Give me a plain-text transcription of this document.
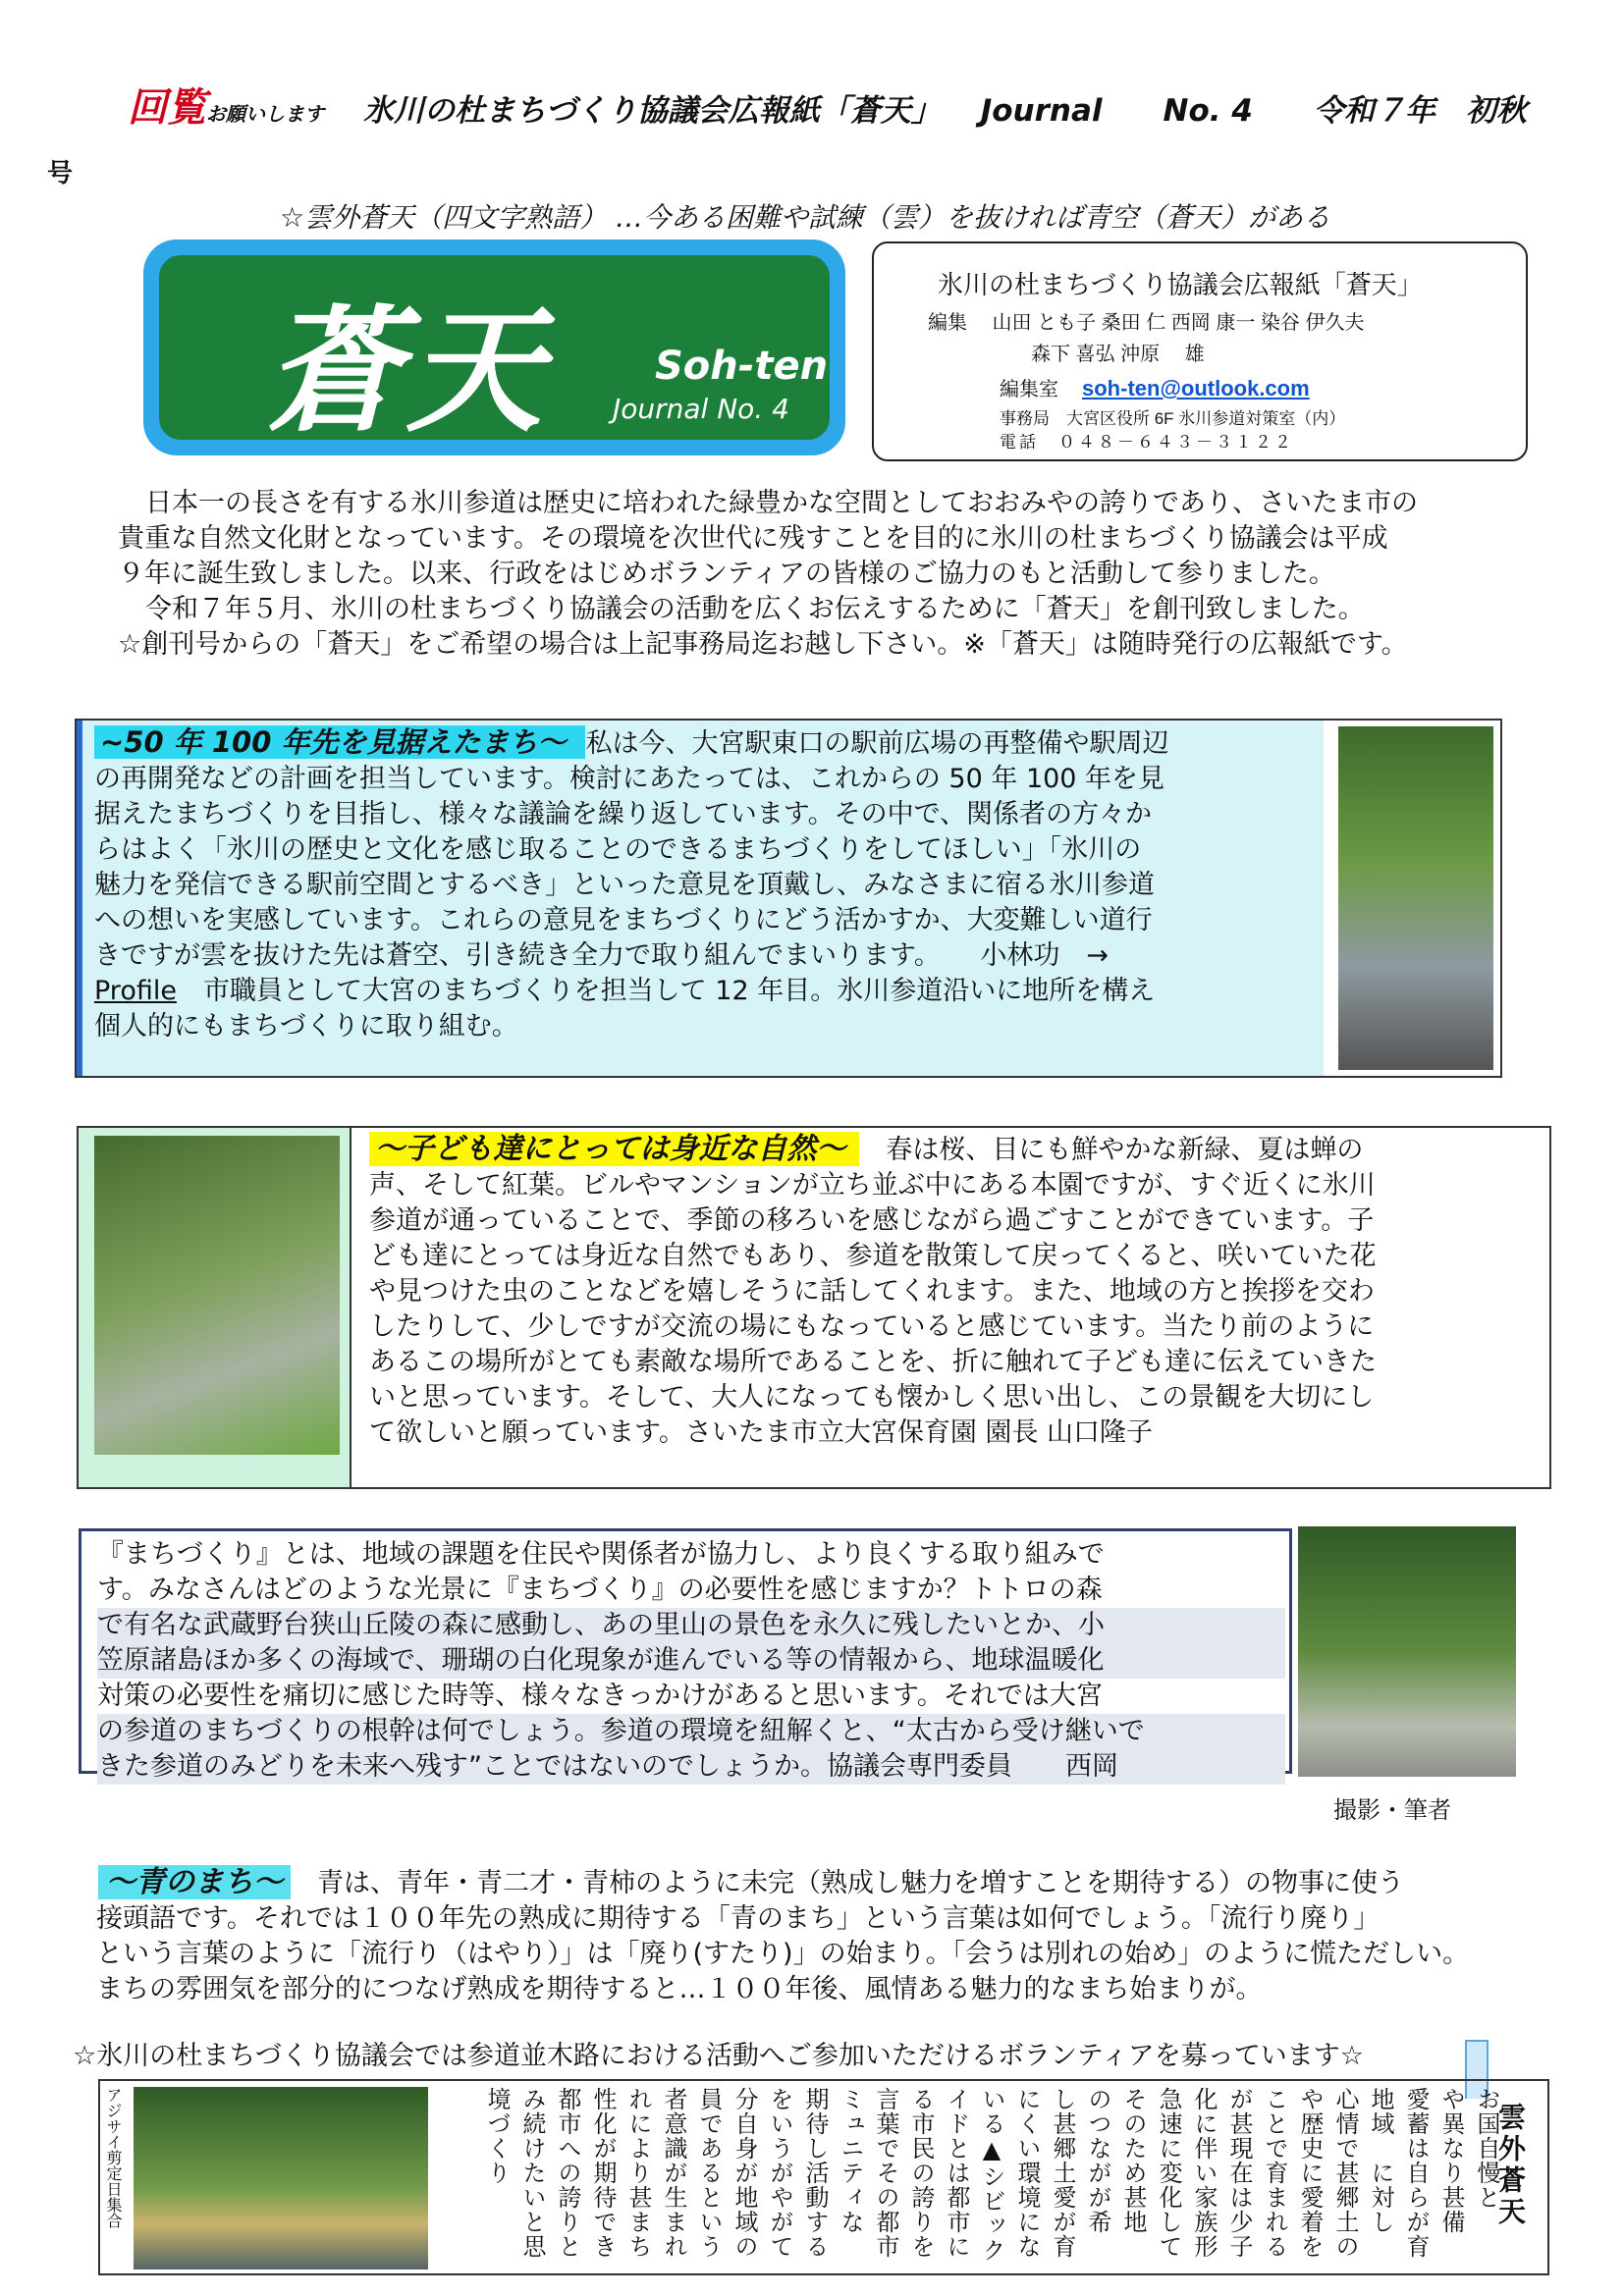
回覧お願いします 氷川の杜まちづくり協議会広報紙「蒼天」 Journal　　 No. 4　　 令和７年　 初秋
号
☆雲外蒼天（四文字熟語） …今ある困難や試練（雲）を抜ければ青空（蒼天）がある
蒼天	Soh-ten
Journal No. 4
氷川の杜まちづくり協議会広報紙「蒼天」
編集　 山田 とも子 桑田 仁 西岡 康一 染谷 伊久夫
森下 喜弘 沖原 　雄
編集室 soh-ten@outlook.com
事務局　大宮区役所 6F 氷川参道対策室（内）
電話　０４８－６４３－３１２２

日本一の長さを有する氷川参道は歴史に培われた緑豊かな空間としておおみやの誇りであり、さいたま市の

貴重な自然文化財となっています。その環境を次世代に残すことを目的に氷川の杜まちづくり協議会は平成

９年に誕生致しました。以来、行政をはじめボランティアの皆様のご協力のもと活動して参りました。

令和７年５月、氷川の杜まちづくり協議会の活動を広くお伝えするために「蒼天」を創刊致しました。

☆創刊号からの「蒼天」をご希望の場合は上記事務局迄お越し下さい。※「蒼天」は随時発行の広報紙です。

~50 年 100 年先を見据えたまち～ 私は今、大宮駅東口の駅前広場の再整備や駅周辺

の再開発などの計画を担当しています。検討にあたっては、これからの 50 年 100 年を見

据えたまちづくりを目指し、様々な議論を繰り返しています。その中で、関係者の方々か

らはよく「氷川の歴史と文化を感じ取ることのできるまちづくりをしてほしい」「氷川の

魅力を発信できる駅前空間とするべき」といった意見を頂戴し、みなさまに宿る氷川参道

への想いを実感しています。これらの意見をまちづくりにどう活かすか、大変難しい道行

きですが雲を抜けた先は蒼空、引き続き全力で取り組んでまいります。　　小林功　→

Profile　市職員として大宮のまちづくりを担当して 12 年目。氷川参道沿いに地所を構え

個人的にもまちづくりに取り組む。

～子ども達にとっては身近な自然～　春は桜、目にも鮮やかな新緑、夏は蝉の

声、そして紅葉。ビルやマンションが立ち並ぶ中にある本園ですが、すぐ近くに氷川

参道が通っていることで、季節の移ろいを感じながら過ごすことができています。子

ども達にとっては身近な自然でもあり、参道を散策して戻ってくると、咲いていた花

や見つけた虫のことなどを嬉しそうに話してくれます。また、地域の方と挨拶を交わ

したりして、少しですが交流の場にもなっていると感じています。当たり前のように

あるこの場所がとても素敵な場所であることを、折に触れて子ども達に伝えていきた

いと思っています。そして、大人になっても懐かしく思い出し、この景観を大切にし

て欲しいと願っています。さいたま市立大宮保育園 園長 山口隆子

『まちづくり』とは、地域の課題を住民や関係者が協力し、より良くする取り組みで

す。みなさんはどのような光景に『まちづくり』の必要性を感じますか？トトロの森

で有名な武蔵野台狭山丘陵の森に感動し、あの里山の景色を永久に残したいとか、小

笠原諸島ほか多くの海域で、珊瑚の白化現象が進んでいる等の情報から、地球温暖化

対策の必要性を痛切に感じた時等、様々なきっかけがあると思います。それでは大宮

の参道のまちづくりの根幹は何でしょう。参道の環境を紐解くと、“太古から受け継いで

きた参道のみどりを未来へ残す”ことではないのでしょうか。協議会専門委員　　西岡

撮影・筆者

～青のまち～　青は、青年・青二才・青柿のように未完（熟成し魅力を増すことを期待する）の物事に使う

接頭語です。それでは１００年先の熟成に期待する「青のまち」という言葉は如何でしょう。「流行り廃り」

という言葉のように「流行り（はやり）」は「廃り(すたり)」の始まり。「会うは別れの始め」のように慌ただしい。

まちの雰囲気を部分的につなげ熟成を期待すると…１００年後、風情ある魅力的なまち始まりが。

☆氷川の杜まちづくり協議会では参道並木路における活動へご参加いただけるボランティアを募っています☆
アジサイ剪定日集合	お国自慢と

や異なり甚備

愛蓄は自らが育

地域　に対し

心情で甚郷土の

や歴史に愛着を

ことで育まれる

が甚現在は少子

化に伴い家族形

急速に変化して

そのため甚地

のつながが希

し甚郷土愛が育

にくい環境にな

いる▲シビック

イドとは都市に

る市民の誇りを

言葉でその都市

ミュニティな

期待し活動する

をいうがやがて

分自身が地域の

員であるという

者意識が生まれ

れにより甚まち

性化が期待でき

都市への誇りと

み続けたいと思

境づくり	雲外蒼天
